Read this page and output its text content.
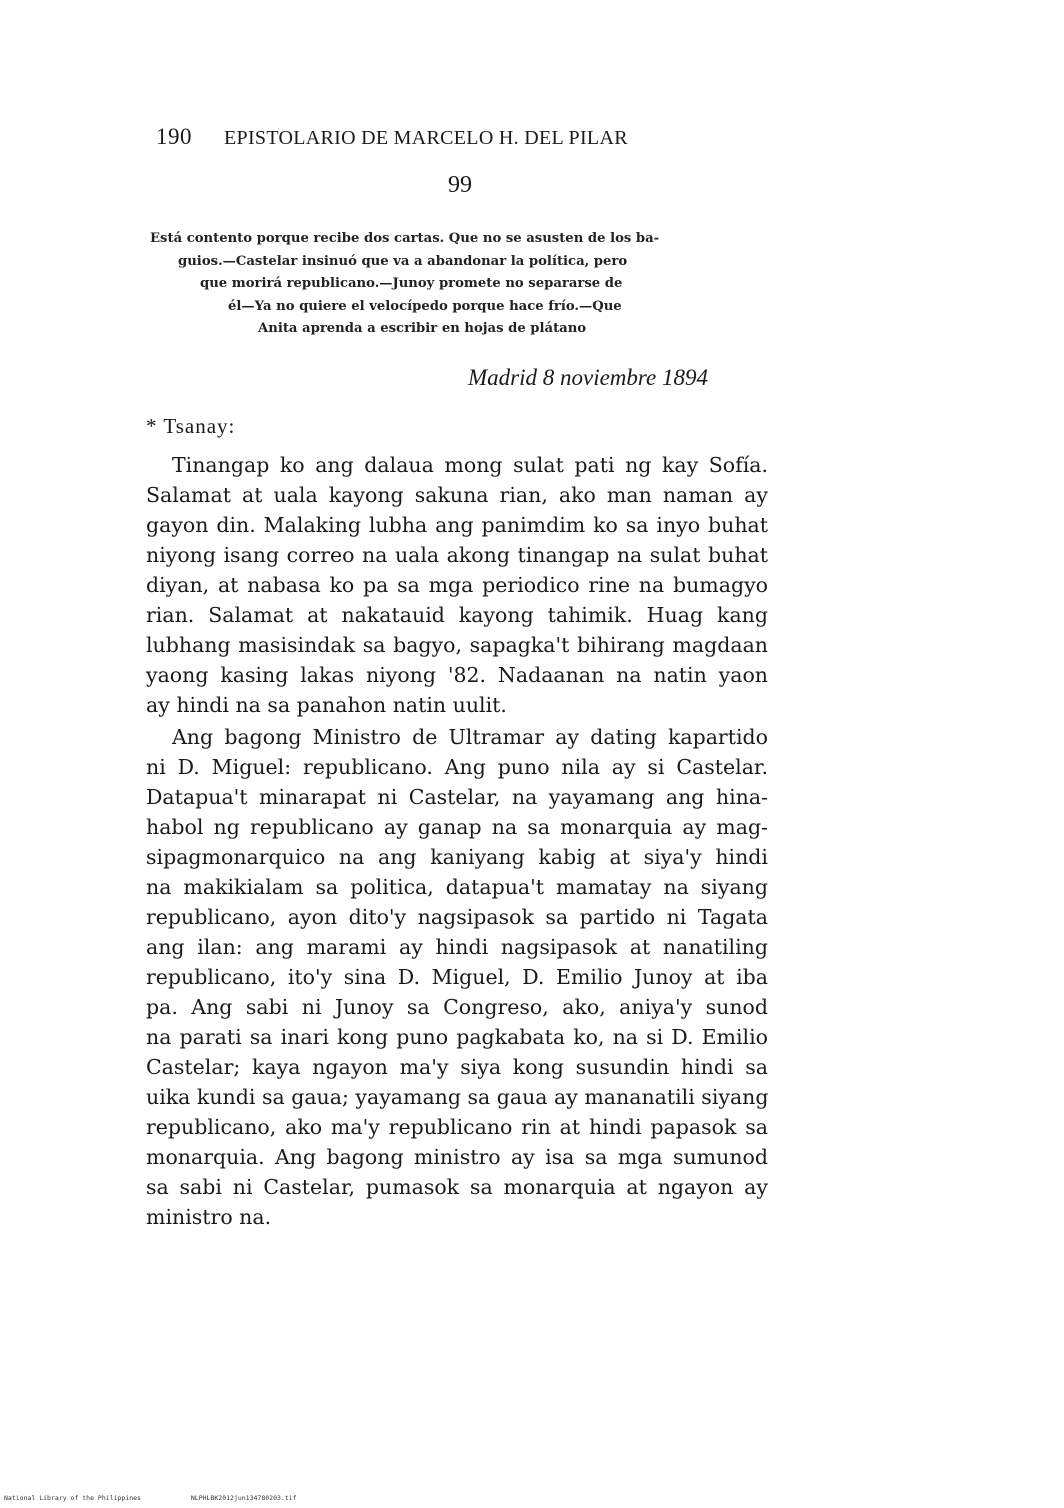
190 EPISTOLARIO DE MARCELO H. DEL PILAR
99
Está contento porque recibe dos cartas. Que no se asusten de los ba-
guios.—Castelar insinuó que va a abandonar la política, pero
que morirá republicano.—Junoy promete no separarse de
él—Ya no quiere el velocípedo porque hace frío.—Que
Anita aprenda a escribir en hojas de plátano
Madrid 8 noviembre 1894
* Tsanay:
Tinangap ko ang dalaua mong sulat pati ng kay Sofía.
Salamat at uala kayong sakuna rian, ako man naman ay
gayon din. Malaking lubha ang panimdim ko sa inyo buhat
niyong isang correo na uala akong tinangap na sulat buhat
diyan, at nabasa ko pa sa mga periodico rine na bumagyo
rian. Salamat at nakatauid kayong tahimik. Huag kang
lubhang masisindak sa bagyo, sapagka't bihirang magdaan
yaong kasing lakas niyong '82. Nadaanan na natin yaon
ay hindi na sa panahon natin uulit.
Ang bagong Ministro de Ultramar ay dating kapartido
ni D. Miguel: republicano. Ang puno nila ay si Castelar.
Datapua't minarapat ni Castelar, na yayamang ang hina-
habol ng republicano ay ganap na sa monarquia ay mag-
sipagmonarquico na ang kaniyang kabig at siya'y hindi
na makikialam sa politica, datapua't mamatay na siyang
republicano, ayon dito'y nagsipasok sa partido ni Tagata
ang ilan: ang marami ay hindi nagsipasok at nanatiling
republicano, ito'y sina D. Miguel, D. Emilio Junoy at iba
pa. Ang sabi ni Junoy sa Congreso, ako, aniya'y sunod
na parati sa inari kong puno pagkabata ko, na si D. Emilio
Castelar; kaya ngayon ma'y siya kong susundin hindi sa
uika kundi sa gaua; yayamang sa gaua ay mananatili siyang
republicano, ako ma'y republicano rin at hindi papasok sa
monarquia. Ang bagong ministro ay isa sa mga sumunod
sa sabi ni Castelar, pumasok sa monarquia at ngayon ay
ministro na.
National Library of the Philippines	NLPHLBK2012jun13478020З.tif
